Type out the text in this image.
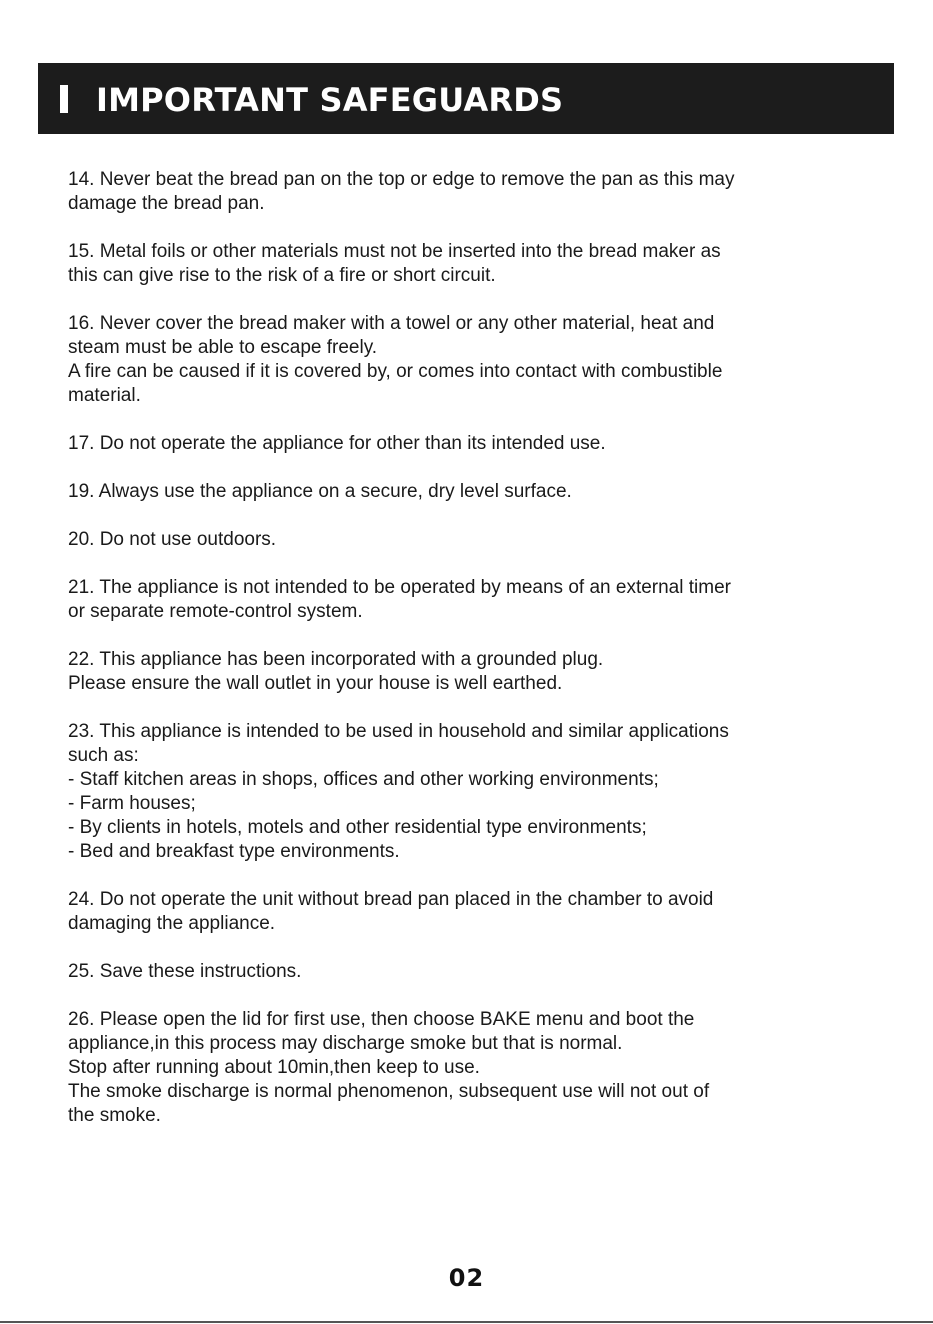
IMPORTANT SAFEGUARDS
14. Never beat the bread pan on the top or edge to remove the pan as this may
damage the bread pan.
15. Metal foils or other materials must not be inserted into the bread maker as
this can give rise to the risk of a fire or short circuit.
16. Never cover the bread maker with a towel or any other material, heat and
steam must be able to escape freely.
A fire can be caused if it is covered by, or comes into contact with combustible
material.
17. Do not operate the appliance for other than its intended use.
19. Always use the appliance on a secure, dry level surface.
20. Do not use outdoors.
21. The appliance is not intended to be operated by means of an external timer
or separate remote-control system.
22. This appliance has been incorporated with a grounded plug.
Please ensure the wall outlet in your house is well earthed.
23. This appliance is intended to be used in household and similar applications
such as:
- Staff kitchen areas in shops, offices and other working environments;
- Farm houses;
- By clients in hotels, motels and other residential type environments;
- Bed and breakfast type environments.
24. Do not operate the unit without bread pan placed in the chamber to avoid
damaging the appliance.
25. Save these instructions.
26. Please open the lid for first use, then choose BAKE menu and boot the
appliance,in this process may discharge smoke but that is normal.
Stop after running about 10min,then keep to use.
The smoke discharge is normal phenomenon, subsequent use will not out of
the smoke.
02
